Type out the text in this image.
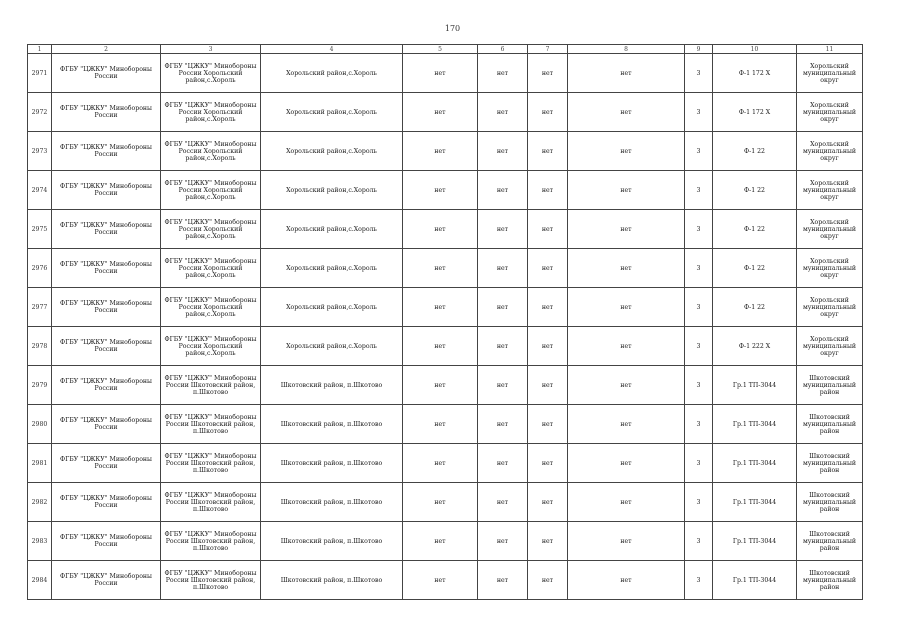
170
1	2	3	4	5	6	7	8	9	10	11
2971	ФГБУ "ЦЖКУ" Минобороны России	ФГБУ "ЦЖКУ" Минобороны России Хорольский район,с.Хороль	Хорольский район,с.Хороль	нет	нет	нет	нет	3	Ф-1 172 Х	Хорольский муниципальный округ
2972	ФГБУ "ЦЖКУ" Минобороны России	ФГБУ "ЦЖКУ" Минобороны России Хорольский район,с.Хороль	Хорольский район,с.Хороль	нет	нет	нет	нет	3	Ф-1 172 Х	Хорольский муниципальный округ
2973	ФГБУ "ЦЖКУ" Минобороны России	ФГБУ "ЦЖКУ" Минобороны России Хорольский район,с.Хороль	Хорольский район,с.Хороль	нет	нет	нет	нет	3	Ф-1 22	Хорольский муниципальный округ
2974	ФГБУ "ЦЖКУ" Минобороны России	ФГБУ "ЦЖКУ" Минобороны России Хорольский район,с.Хороль	Хорольский район,с.Хороль	нет	нет	нет	нет	3	Ф-1 22	Хорольский муниципальный округ
2975	ФГБУ "ЦЖКУ" Минобороны России	ФГБУ "ЦЖКУ" Минобороны России Хорольский район,с.Хороль	Хорольский район,с.Хороль	нет	нет	нет	нет	3	Ф-1 22	Хорольский муниципальный округ
2976	ФГБУ "ЦЖКУ" Минобороны России	ФГБУ "ЦЖКУ" Минобороны России Хорольский район,с.Хороль	Хорольский район,с.Хороль	нет	нет	нет	нет	3	Ф-1 22	Хорольский муниципальный округ
2977	ФГБУ "ЦЖКУ" Минобороны России	ФГБУ "ЦЖКУ" Минобороны России Хорольский район,с.Хороль	Хорольский район,с.Хороль	нет	нет	нет	нет	3	Ф-1 22	Хорольский муниципальный округ
2978	ФГБУ "ЦЖКУ" Минобороны России	ФГБУ "ЦЖКУ" Минобороны России Хорольский район,с.Хороль	Хорольский район,с.Хороль	нет	нет	нет	нет	3	Ф-1 222 Х	Хорольский муниципальный округ
2979	ФГБУ "ЦЖКУ" Минобороны России	ФГБУ "ЦЖКУ" Минобороны России Шкотовский район, п.Шкотово	Шкотовский район, п.Шкотово	нет	нет	нет	нет	3	Гр.1 ТП-3044	Шкотовский муниципальный район
2980	ФГБУ "ЦЖКУ" Минобороны России	ФГБУ "ЦЖКУ" Минобороны России Шкотовский район, п.Шкотово	Шкотовский район, п.Шкотово	нет	нет	нет	нет	3	Гр.1 ТП-3044	Шкотовский муниципальный район
2981	ФГБУ "ЦЖКУ" Минобороны России	ФГБУ "ЦЖКУ" Минобороны России Шкотовский район, п.Шкотово	Шкотовский район, п.Шкотово	нет	нет	нет	нет	3	Гр.1 ТП-3044	Шкотовский муниципальный район
2982	ФГБУ "ЦЖКУ" Минобороны России	ФГБУ "ЦЖКУ" Минобороны России Шкотовский район, п.Шкотово	Шкотовский район, п.Шкотово	нет	нет	нет	нет	3	Гр.1 ТП-3044	Шкотовский муниципальный район
2983	ФГБУ "ЦЖКУ" Минобороны России	ФГБУ "ЦЖКУ" Минобороны России Шкотовский район, п.Шкотово	Шкотовский район, п.Шкотово	нет	нет	нет	нет	3	Гр.1 ТП-3044	Шкотовский муниципальный район
2984	ФГБУ "ЦЖКУ" Минобороны России	ФГБУ "ЦЖКУ" Минобороны России Шкотовский район, п.Шкотово	Шкотовский район, п.Шкотово	нет	нет	нет	нет	3	Гр.1 ТП-3044	Шкотовский муниципальный район
